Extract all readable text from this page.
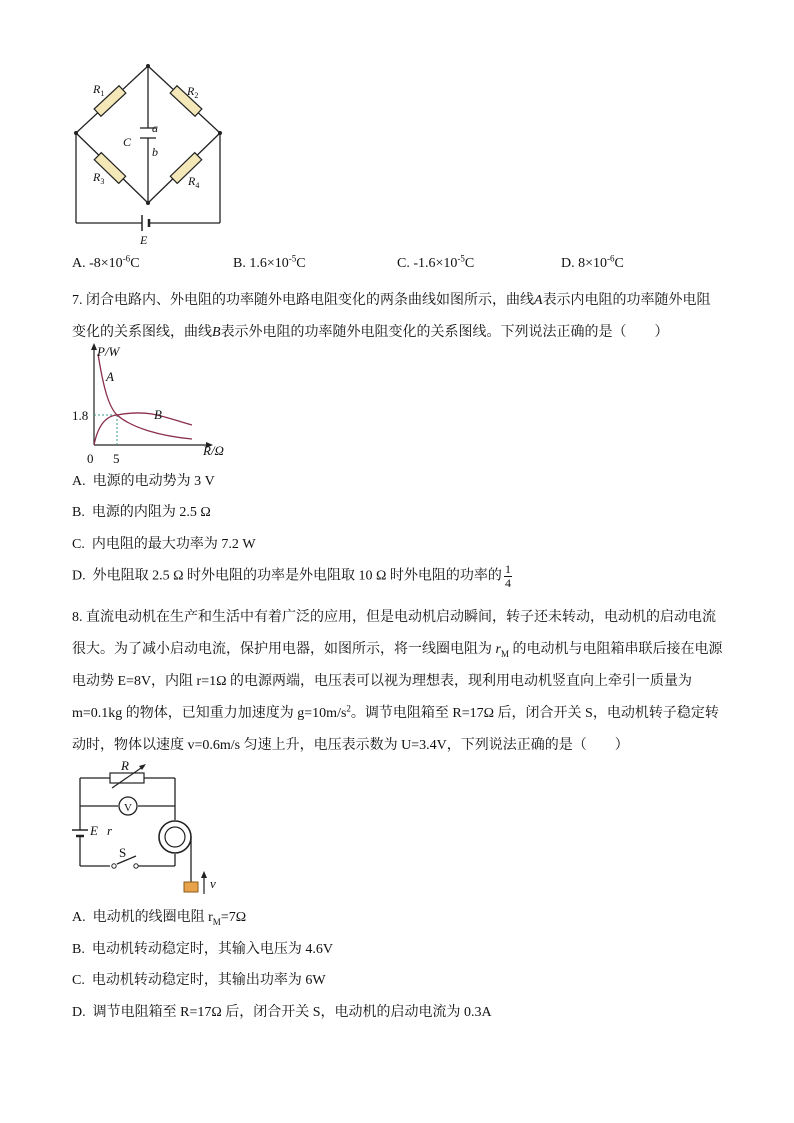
$R_1$	$R_2$
$R_3$	$R_4$
C
a
b
E
A. $-8\times 10^{-6}C$	B. $1.6\times 10^{-5}C$	C. $-1.6\times 10^{-5}C$	D. $8\times 10^{-6}C$
7. 闭合电路内、外电阻的功率随外电路电阻变化的两条曲线如图所示，曲线A表示内电阻的功率随外电阻
变化的关系图线，曲线B表示外电阻的功率随外电阻变化的关系图线。下列说法正确的是（　　）
P/W
A
B
1.8
0 5
R/Ω
A. 电源的电动势为 3 V
B. 电源的内阻为 2.5 Ω
C. 内电阻的最大功率为 7.2 W
D. 外电阻取 2.5 Ω 时外电阻的功率是外电阻取 10 Ω 时外电阻的功率的 $\frac{1}{4}$
8. 直流电动机在生产和生活中有着广泛的应用，但是电动机启动瞬间，转子还未转动，电动机的启动电流
很大。为了减小启动电流，保护用电器，如图所示，将一线圈电阻为 $r_M$ 的电动机与电阻箱串联后接在电源
电动势 E=8V，内阻 r=1Ω 的电源两端，电压表可以视为理想表，现利用电动机竖直向上牵引一质量为
m=0.1kg 的物体，已知重力加速度为 $g=10m/s^2$。调节电阻箱至 R=17Ω 后，闭合开关 S，电动机转子稳定转
动时，物体以速度 v=0.6m/s 匀速上升，电压表示数为 U=3.4V，下列说法正确的是（　　）
R
V
E r
S
v
A. 电动机的线圈电阻 $r_M=7\Omega$
B. 电动机转动稳定时，其输入电压为 4.6V
C. 电动机转动稳定时，其输出功率为 6W
D. 调节电阻箱至 R=17Ω 后，闭合开关 S，电动机的启动电流为 0.3A
